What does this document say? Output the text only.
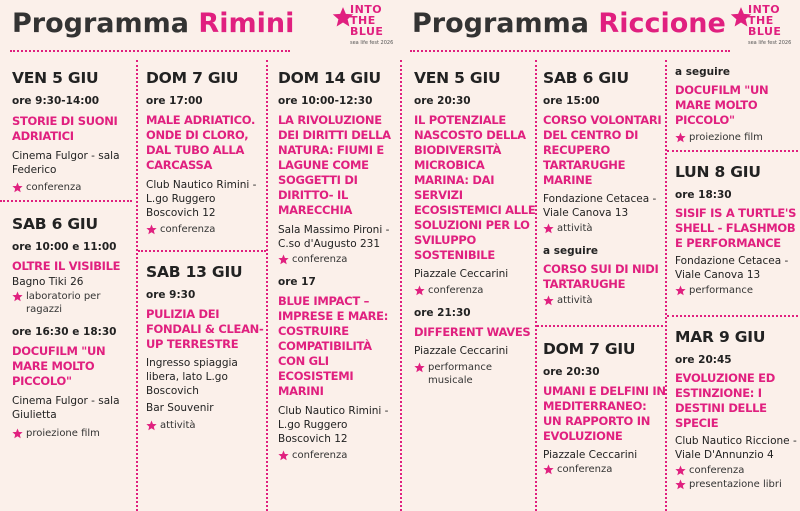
Programma Rimini	INTO
THE
BLUE
sea life fest 2026
VEN 5 GIU
ore 9:30-14:00
STORIE DI SUONI ADRIATICI
Cinema Fulgor - sala Federico
conferenza
SAB 6 GIU
ore 10:00 e 11:00
OLTRE IL VISIBILE
Bagno Tiki 26
laboratorio per ragazzi
ore 16:30 e 18:30
DOCUFILM "UN MARE MOLTO PICCOLO"
Cinema Fulgor - sala Giulietta
proiezione film
DOM 7 GIU
ore 17:00
MALE ADRIATICO. ONDE DI CLORO, DAL TUBO ALLA CARCASSA
Club Nautico Rimini - L.go Ruggero Boscovich 12
conferenza
SAB 13 GIU
ore 9:30
PULIZIA DEI FONDALI & CLEAN-UP TERRESTRE
Ingresso spiaggia libera, lato L.go Boscovich
Bar Souvenir
attività
DOM 14 GIU
ore 10:00-12:30
LA RIVOLUZIONE DEI DIRITTI DELLA NATURA: FIUMI E LAGUNE COME SOGGETTI DI DIRITTO- IL MARECCHIA
Sala Massimo Pironi - C.so d'Augusto 231
conferenza
ore 17
BLUE IMPACT – IMPRESE E MARE: COSTRUIRE COMPATIBILITÀ CON GLI ECOSISTEMI MARINI
Club Nautico Rimini - L.go Ruggero Boscovich 12
conferenza
Programma Riccione INTO
THE
BLUE
sea life fest 2026
VEN 5 GIU
ore 20:30
IL POTENZIALE NASCOSTO DELLA BIODIVERSITÀ MICROBICA MARINA: DAI SERVIZI ECOSISTEMICI ALLE SOLUZIONI PER LO SVILUPPO SOSTENIBILE
Piazzale Ceccarini
conferenza
ore 21:30
DIFFERENT WAVES
Piazzale Ceccarini
performance musicale
SAB 6 GIU
ore 15:00
CORSO VOLONTARI DEL CENTRO DI RECUPERO TARTARUGHE MARINE
Fondazione Cetacea - Viale Canova 13
attività
a seguire
CORSO SUI DI NIDI TARTARUGHE
attività
DOM 7 GIU
ore 20:30
UMANI E DELFINI IN MEDITERRANEO: UN RAPPORTO IN EVOLUZIONE
Piazzale Ceccarini
conferenza
a seguire
DOCUFILM "UN MARE MOLTO PICCOLO"
proiezione film
LUN 8 GIU
ore 18:30
SISIF IS A TURTLE'S SHELL - FLASHMOB E PERFORMANCE
Fondazione Cetacea - Viale Canova 13
performance
MAR 9 GIU
ore 20:45
EVOLUZIONE ED ESTINZIONE: I DESTINI DELLE SPECIE
Club Nautico Riccione - Viale D'Annunzio 4
conferenza
presentazione libri
